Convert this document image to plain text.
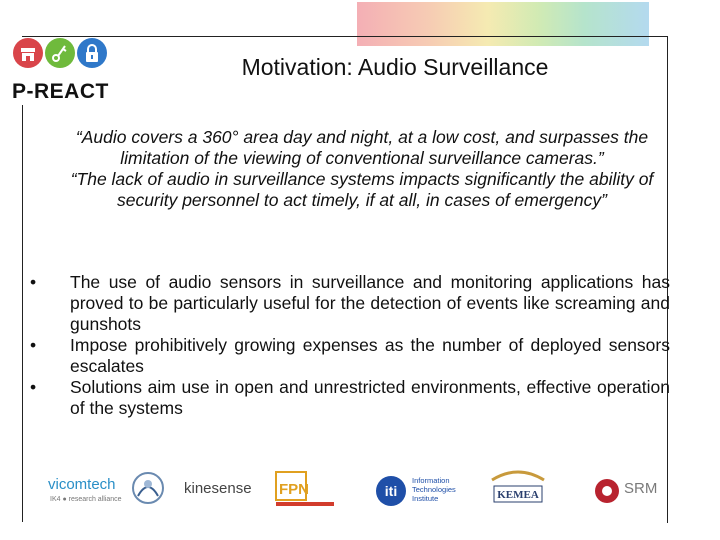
P-REACT
Motivation: Audio Surveillance

“Audio covers a 360° area day and night, at a low cost, and surpasses the limitation of the viewing of conventional surveillance cameras.”

“The lack of audio in surveillance systems impacts significantly the ability of security personnel to act timely, if at all, in cases of emergency”

•	The use of audio sensors in surveillance and monitoring applications has proved to be particularly useful for the detection of events like screaming and gunshots
•	Impose prohibitively growing expenses as the number of deployed sensors escalates
•	Solutions aim use in open and unrestricted environments, effective operation of the systems
vicomtech
IK4 ● research alliance
kinesense FPN	iti
Information Technologies Institute	KEMEA	SRM
